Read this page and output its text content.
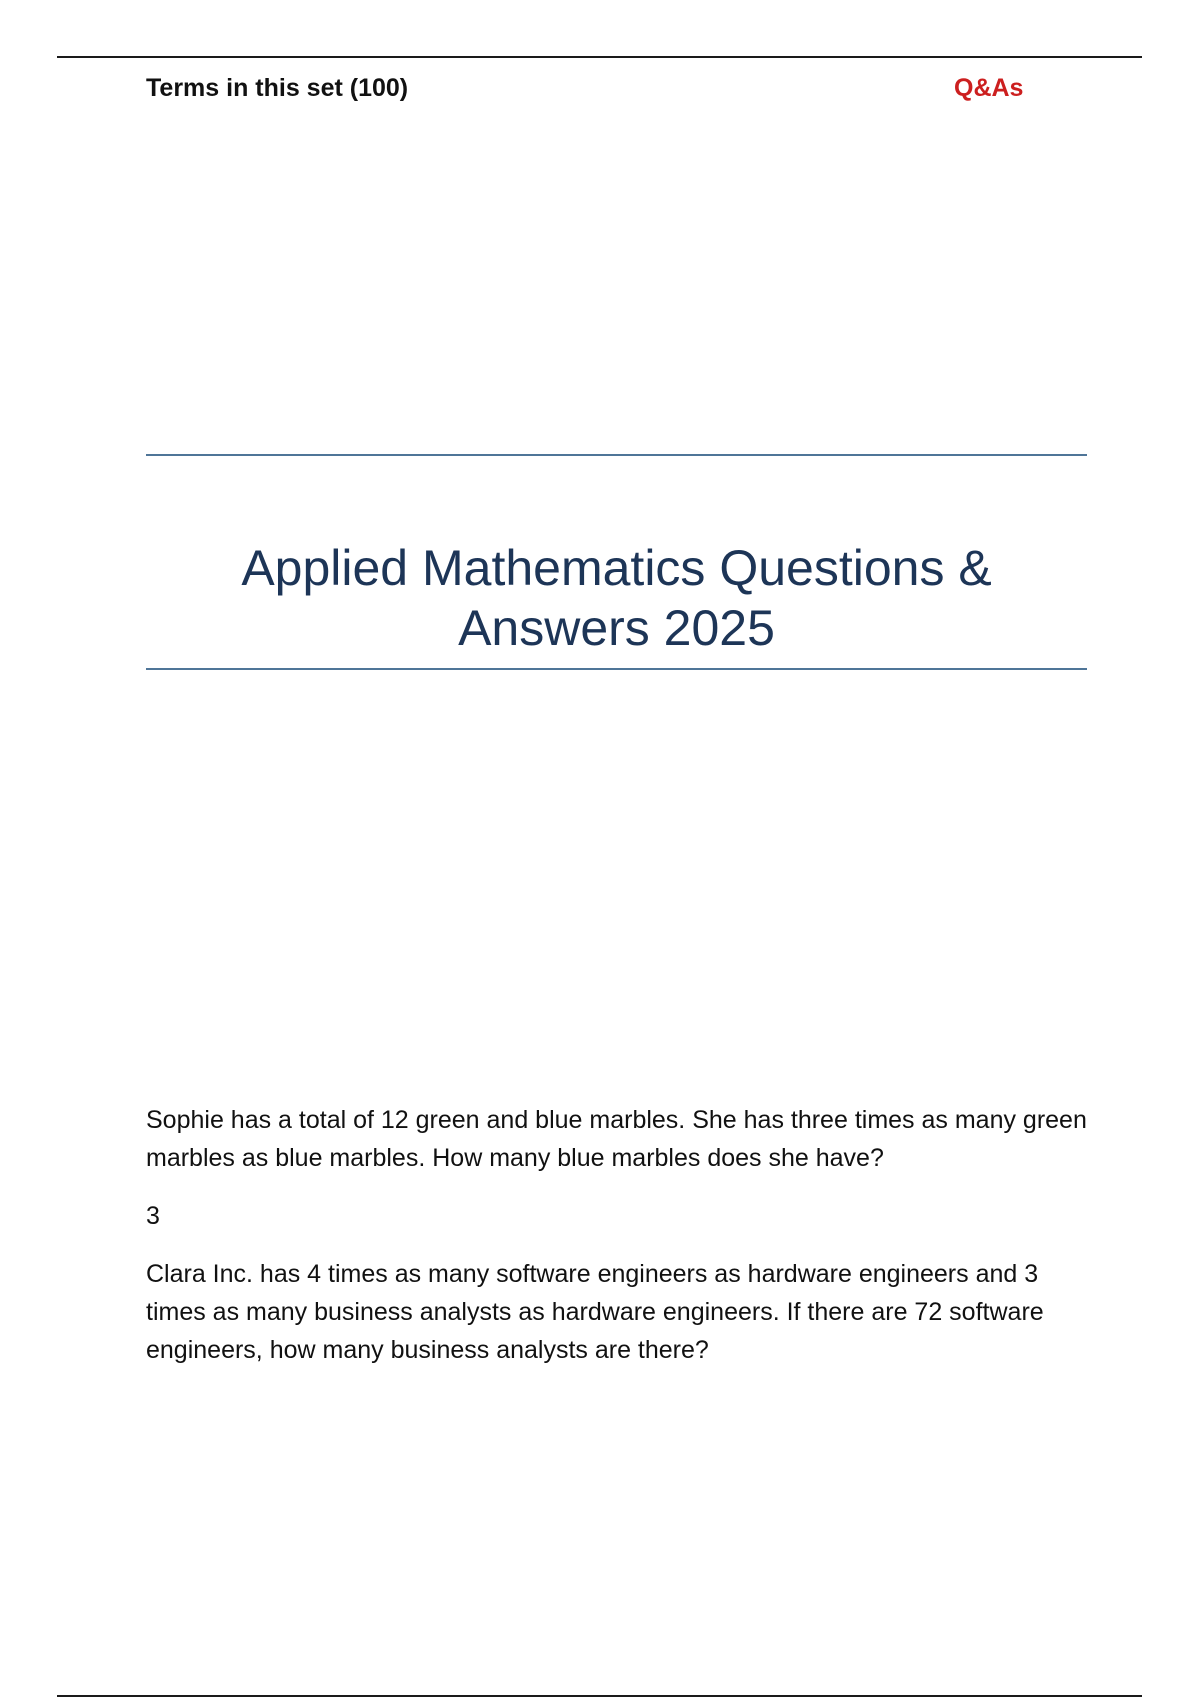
Terms in this set (100)	Q&As
Applied Mathematics Questions & Answers 2025

Sophie has a total of 12 green and blue marbles. She has three times as many green marbles as blue marbles. How many blue marbles does she have?

3

Clara Inc. has 4 times as many software engineers as hardware engineers and 3 times as many business analysts as hardware engineers. If there are 72 software engineers, how many business analysts are there?
